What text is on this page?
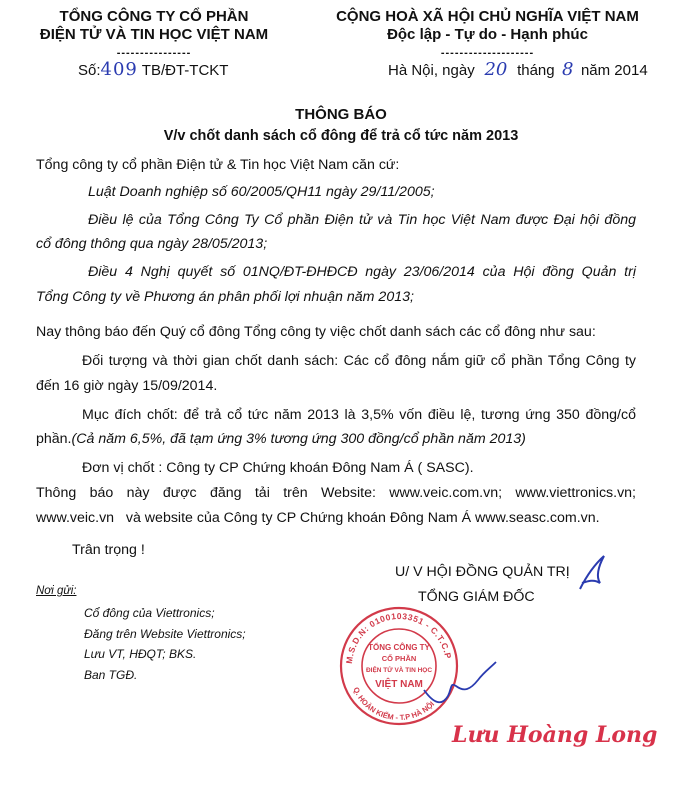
TỔNG CÔNG TY CỔ PHẦN
ĐIỆN TỬ VÀ TIN HỌC VIỆT NAM
----------------
CỘNG HOÀ XÃ HỘI CHỦ NGHĨA VIỆT NAM
Độc lập - Tự do - Hạnh phúc
--------------------
Số:409 TB/ĐT-TCKT	Hà Nội, ngày 20 tháng 8 năm 2014
THÔNG BÁO
V/v chốt danh sách cổ đông để trả cổ tức năm 2013
Tổng công ty cổ phần Điện tử & Tin học Việt Nam căn cứ:
Luật Doanh nghiệp số 60/2005/QH11 ngày 29/11/2005;
Điều lệ của Tổng Công Ty Cổ phần Điện tử và Tin học Việt Nam được Đại hội đồng
cổ đông thông qua ngày 28/05/2013;
Điều 4 Nghị quyết số 01NQ/ĐT-ĐHĐCĐ ngày 23/06/2014 của Hội đồng Quản trị
Tổng Công ty về Phương án phân phối lợi nhuận năm 2013;
Nay thông báo đến Quý cổ đông Tổng công ty việc chốt danh sách các cổ đông như sau:
Đối tượng và thời gian chốt danh sách: Các cổ đông nắm giữ cổ phần Tổng Công ty
đến 16 giờ ngày 15/09/2014.
Mục đích chốt: để trả cổ tức năm 2013 là 3,5% vốn điều lệ, tương ứng 350 đồng/cổ
phần.(Cả năm 6,5%, đã tạm ứng 3% tương ứng 300 đồng/cổ phần năm 2013)
Đơn vị chốt : Công ty CP Chứng khoán Đông Nam Á ( SASC).
Thông báo này được đăng tải trên Website: www.veic.com.vn; www.viettronics.vn;
www.veic.vn   và website của Công ty CP Chứng khoán Đông Nam Á www.seasc.com.vn.
Trân trọng !
U/ V HỘI ĐỒNG QUẢN TRỊ
TỔNG GIÁM ĐỐC
Nơi gửi:
Cổ đông của Viettronics;
Đăng trên Website Viettronics;
Lưu VT, HĐQT; BKS.
Ban TGĐ.
M.S.D.N: 0100103351 - C.T.C.P
Q. HOÀN KIẾM - T.P HÀ NỘI
TỔNG CÔNG TY
CỔ PHẦN
ĐIỆN TỬ VÀ TIN HỌC
VIỆT NAM
Lưu Hoàng Long
